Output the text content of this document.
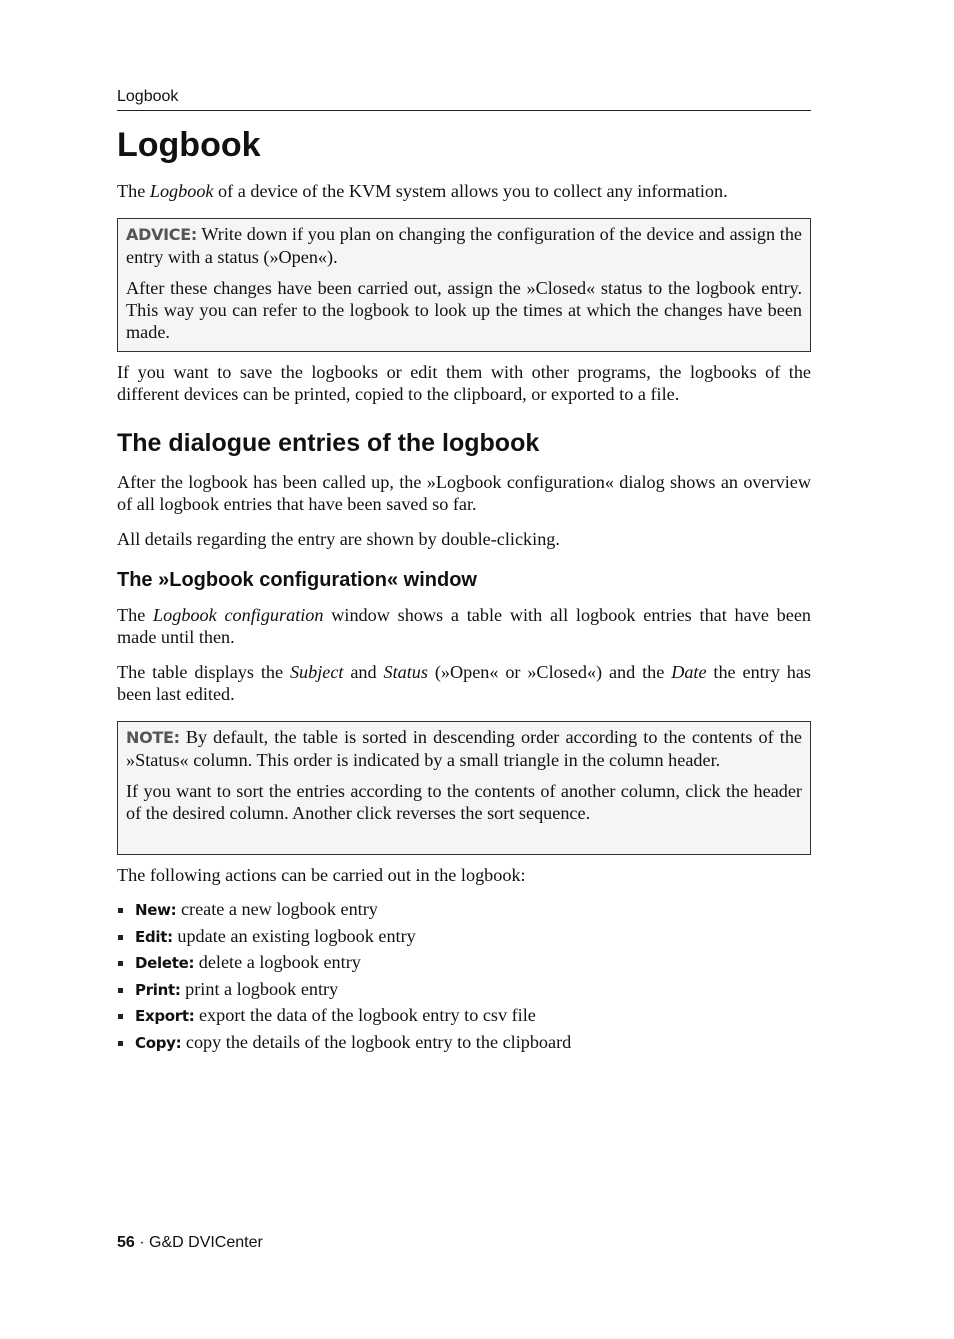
Logbook
Logbook

The Logbook of a device of the KVM system allows you to collect any information.

ADVICE: Write down if you plan on changing the configuration of the device and assign the entry with a status (»Open«).

After these changes have been carried out, assign the »Closed« status to the logbook entry. This way you can refer to the logbook to look up the times at which the changes have been made.

If you want to save the logbooks or edit them with other programs, the logbooks of the different devices can be printed, copied to the clipboard, or exported to a file.

The dialogue entries of the logbook

After the logbook has been called up, the »Logbook configuration« dialog shows an overview of all logbook entries that have been saved so far.

All details regarding the entry are shown by double-clicking.

The »Logbook configuration« window

The Logbook configuration window shows a table with all logbook entries that have been made until then.

The table displays the Subject and Status (»Open« or »Closed«) and the Date the entry has been last edited.

NOTE: By default, the table is sorted in descending order according to the contents of the »Status« column. This order is indicated by a small triangle in the column header.

If you want to sort the entries according to the contents of another column, click the header of the desired column. Another click reverses the sort sequence.

The following actions can be carried out in the logbook:

New: create a new logbook entry
Edit: update an existing logbook entry
Delete: delete a logbook entry
Print: print a logbook entry
Export: export the data of the logbook entry to csv file
Copy: copy the details of the logbook entry to the clipboard
56 · G&D DVICenter
